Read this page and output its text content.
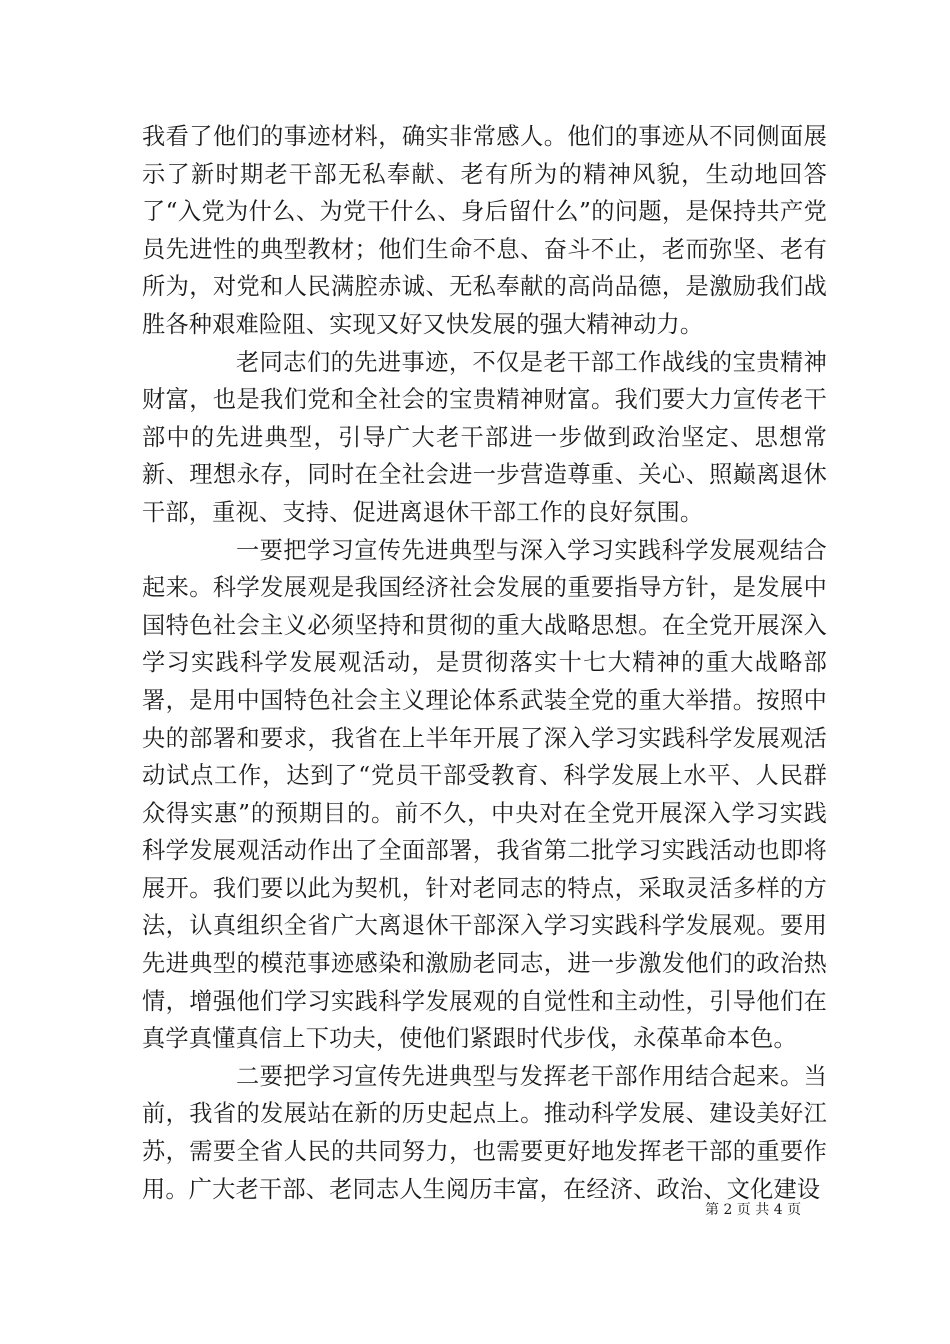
我看了他们的事迹材料，确实非常感人。他们的事迹从不同侧面展示了新时期老干部无私奉献、老有所为的精神风貌，生动地回答了“入党为什么、为党干什么、身后留什么”的问题，是保持共产党员先进性的典型教材；他们生命不息、奋斗不止，老而弥坚、老有所为，对党和人民满腔赤诚、无私奉献的高尚品德，是激励我们战胜各种艰难险阻、实现又好又快发展的强大精神动力。

老同志们的先进事迹，不仅是老干部工作战线的宝贵精神财富，也是我们党和全社会的宝贵精神财富。我们要大力宣传老干部中的先进典型，引导广大老干部进一步做到政治坚定、思想常新、理想永存，同时在全社会进一步营造尊重、关心、照巅离退休干部，重视、支持、促进离退休干部工作的良好氛围。

一要把学习宣传先进典型与深入学习实践科学发展观结合起来。科学发展观是我国经济社会发展的重要指导方针，是发展中国特色社会主义必须坚持和贯彻的重大战略思想。在全党开展深入学习实践科学发展观活动，是贯彻落实十七大精神的重大战略部署，是用中国特色社会主义理论体系武装全党的重大举措。按照中央的部署和要求，我省在上半年开展了深入学习实践科学发展观活动试点工作，达到了“党员干部受教育、科学发展上水平、人民群众得实惠”的预期目的。前不久，中央对在全党开展深入学习实践科学发展观活动作出了全面部署，我省第二批学习实践活动也即将展开。我们要以此为契机，针对老同志的特点，采取灵活多样的方法，认真组织全省广大离退休干部深入学习实践科学发展观。要用先进典型的模范事迹感染和激励老同志，进一步激发他们的政治热情，增强他们学习实践科学发展观的自觉性和主动性，引导他们在真学真懂真信上下功夫，使他们紧跟时代步伐，永葆革命本色。

二要把学习宣传先进典型与发挥老干部作用结合起来。当前，我省的发展站在新的历史起点上。推动科学发展、建设美好江苏，需要全省人民的共同努力，也需要更好地发挥老干部的重要作用。广大老干部、老同志人生阅历丰富，在经济、政治、文化建设

第 2 页 共 4 页
